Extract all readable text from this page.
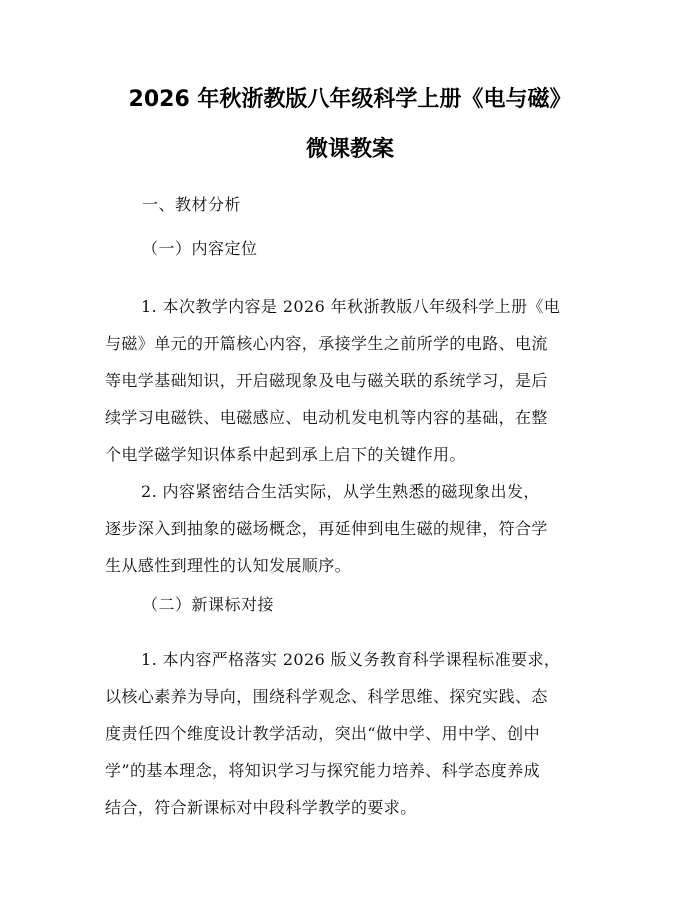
2026 年秋浙教版八年级科学上册《电与磁》
微课教案
一、教材分析
（一）内容定位
1. 本次教学内容是 2026 年秋浙教版八年级科学上册《电
与磁》单元的开篇核心内容，承接学生之前所学的电路、电流
等电学基础知识，开启磁现象及电与磁关联的系统学习，是后
续学习电磁铁、电磁感应、电动机发电机等内容的基础，在整
个电学磁学知识体系中起到承上启下的关键作用。
2. 内容紧密结合生活实际，从学生熟悉的磁现象出发，
逐步深入到抽象的磁场概念，再延伸到电生磁的规律，符合学
生从感性到理性的认知发展顺序。
（二）新课标对接
1. 本内容严格落实 2026 版义务教育科学课程标准要求，
以核心素养为导向，围绕科学观念、科学思维、探究实践、态
度责任四个维度设计教学活动，突出“做中学、用中学、创中
学”的基本理念，将知识学习与探究能力培养、科学态度养成
结合，符合新课标对中段科学教学的要求。
